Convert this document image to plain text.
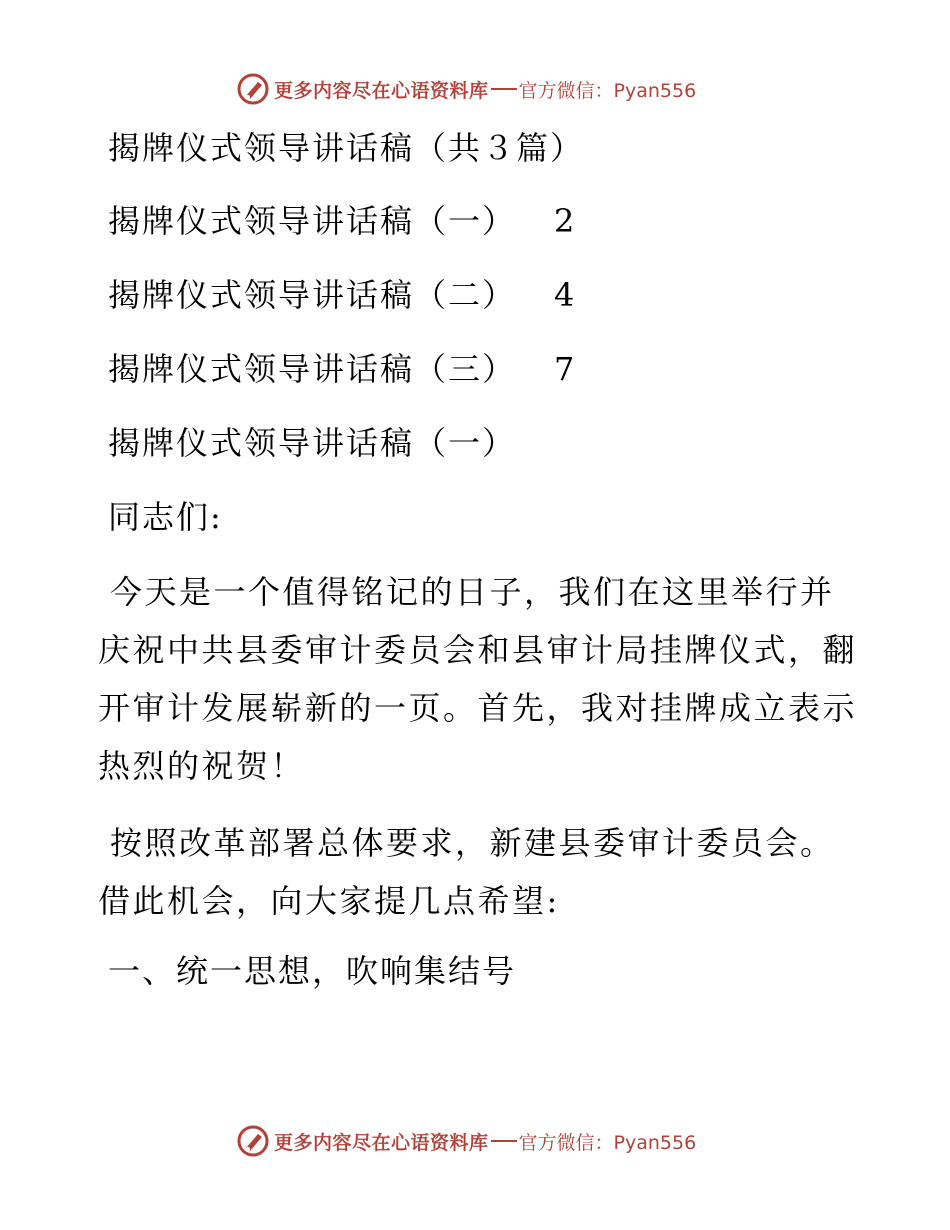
更多内容尽在心语资料库 官方微信：Pyan556
揭牌仪式领导讲话稿（共３篇）
揭牌仪式领导讲话稿（一） 2
揭牌仪式领导讲话稿（二） 4
揭牌仪式领导讲话稿（三） 7
揭牌仪式领导讲话稿（一）
同志们:
今天是一个值得铭记的日子，我们在这里举行并庆祝中共县委审计委员会和县审计局挂牌仪式，翻开审计发展崭新的一页。首先，我对挂牌成立表示热烈的祝贺！
按照改革部署总体要求，新建县委审计委员会。借此机会，向大家提几点希望:
一、统一思想，吹响集结号
更多内容尽在心语资料库 官方微信：Pyan556
